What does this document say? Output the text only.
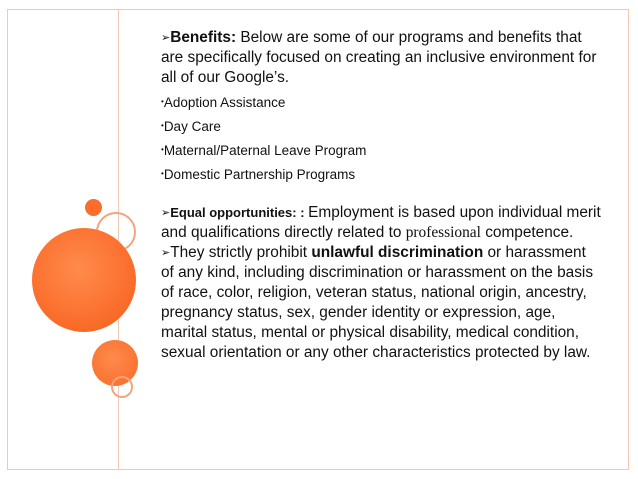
➢Benefits: Below are some of our programs and benefits that are specifically focused on creating an inclusive environment for all of our Google’s.

•Adoption Assistance

•Day Care

•Maternal/Paternal Leave Program

•Domestic Partnership Programs

➢Equal opportunities: : Employment is based upon individual merit and qualifications directly related to professional competence.

➢They strictly prohibit unlawful discrimination or harassment of any kind, including discrimination or harassment on the basis of race, color, religion, veteran status, national origin, ancestry, pregnancy status, sex, gender identity or expression, age, marital status, mental or physical disability, medical condition, sexual orientation or any other characteristics protected by law.
